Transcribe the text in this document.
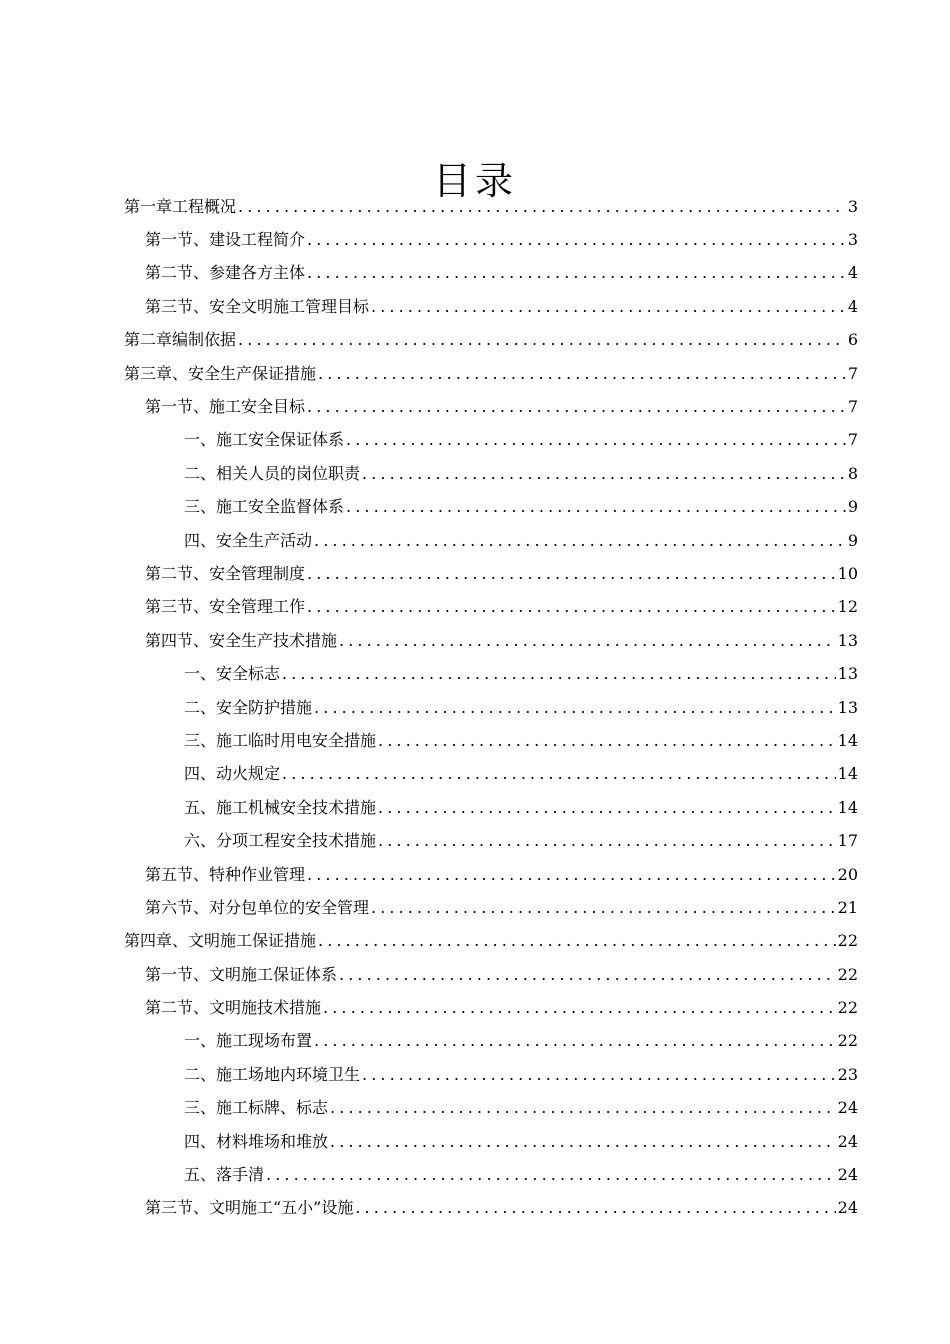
目录
第一章工程概况 .....	3
第一节、建设工程简介 .....	3
第二节、参建各方主体 .....	4
第三节、安全文明施工管理目标 .....	4
第二章编制依据 .....	6
第三章、安全生产保证措施 .....	7
第一节、施工安全目标 .....	7
一、施工安全保证体系 .....	7
二、相关人员的岗位职责 .....	8
三、施工安全监督体系 .....	9
四、安全生产活动 .....	9
第二节、安全管理制度 .....	10
第三节、安全管理工作 .....	12
第四节、安全生产技术措施 .....	13
一、安全标志 .....	13
二、安全防护措施 .....	13
三、施工临时用电安全措施 .....	14
四、动火规定 .....	14
五、施工机械安全技术措施 .....	14
六、分项工程安全技术措施 .....	17
第五节、特种作业管理 .....	20
第六节、对分包单位的安全管理 .....	21
第四章、文明施工保证措施 .....	22
第一节、文明施工保证体系 .....	22
第二节、文明施技术措施 .....	22
一、施工现场布置 .....	22
二、施工场地内环境卫生 .....	23
三、施工标牌、标志 .....	24
四、材料堆场和堆放 .....	24
五、落手清 .....	24
第三节、文明施工“五小”设施 .....	24
